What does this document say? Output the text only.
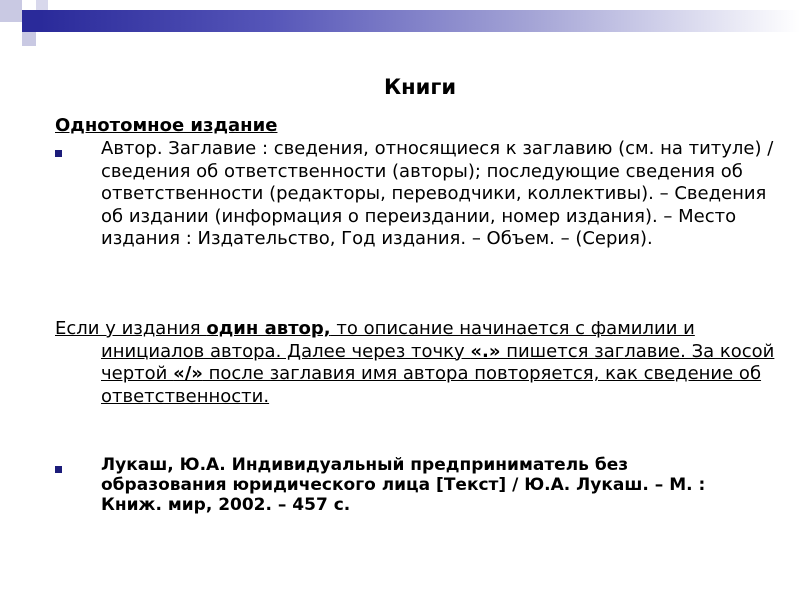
Книги
Однотомное издание
Автор. Заглавие : сведения, относящиеся к заглавию (см. на титуле) / сведения об ответственности (авторы); последующие сведения об ответственности (редакторы, переводчики, коллективы). – Сведения об издании (информация о переиздании, номер издания). – Место издания : Издательство, Год издания. – Объем. – (Серия).
Если у издания один автор, то описание начинается с фамилии и инициалов автора. Далее через точку «.» пишется заглавие. За косой чертой «/» после заглавия имя автора повторяется, как сведение об ответственности.
Лукаш, Ю.А. Индивидуальный предприниматель без образования юридического лица [Текст] / Ю.А. Лукаш. – М. : Книж. мир, 2002. – 457 с.
